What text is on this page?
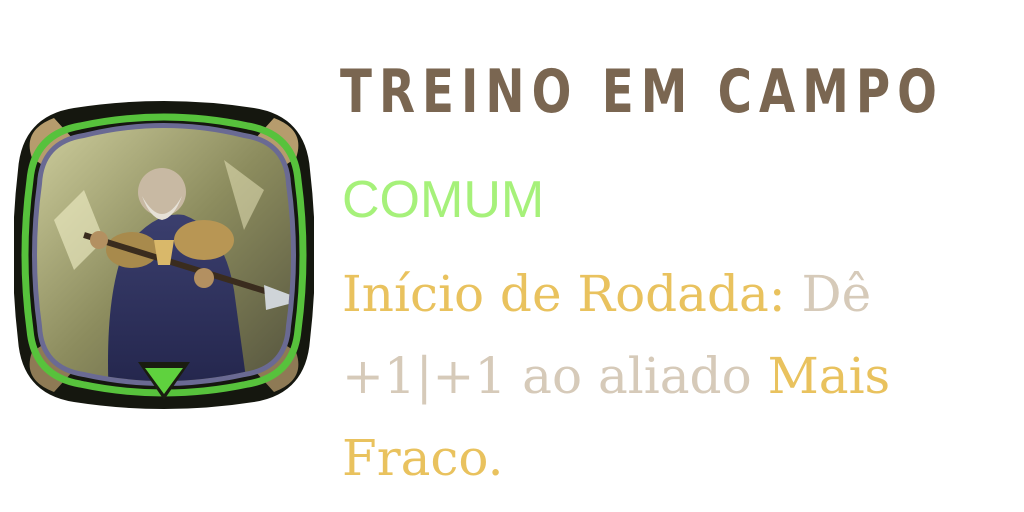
TREINO EM CAMPO
COMUM
Início de Rodada: Dê +1|+1 ao aliado Mais Fraco.
